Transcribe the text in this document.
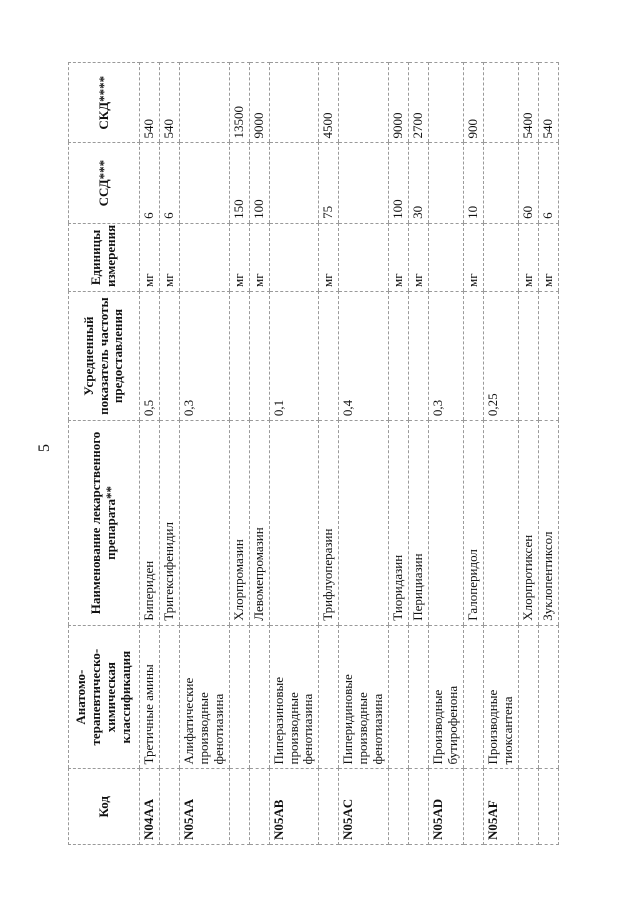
5
Код	Анатомо-терапевтическо-химическая классификация	Наименование лекарственного препарата**	Усредненный показатель частоты предоставления	Единицы измерения	ССД***	СКД****
N04AA	Третичные амины	Бипериден	0,5	мг	6	540
		Тригексифенидил		мг	6	540
N05AA	Алифатические производные фенотиазина		0,3			
		Хлорпромазин		мг	150	13500
		Левомепромазин		мг	100	9000
N05AB	Пиперазиновые производные фенотиазина		0,1			
		Трифлуоперазин		мг	75	4500
N05AC	Пиперидиновые производные фенотиазина		0,4			
		Тиоридазин		мг	100	9000
		Перициазин		мг	30	2700
N05AD	Производные бутирофенона		0,3			
		Галоперидол		мг	10	900
N05AF	Производные тиоксантена		0,25			
		Хлорпротиксен		мг	60	5400
		Зуклопентиксол		мг	6	540
